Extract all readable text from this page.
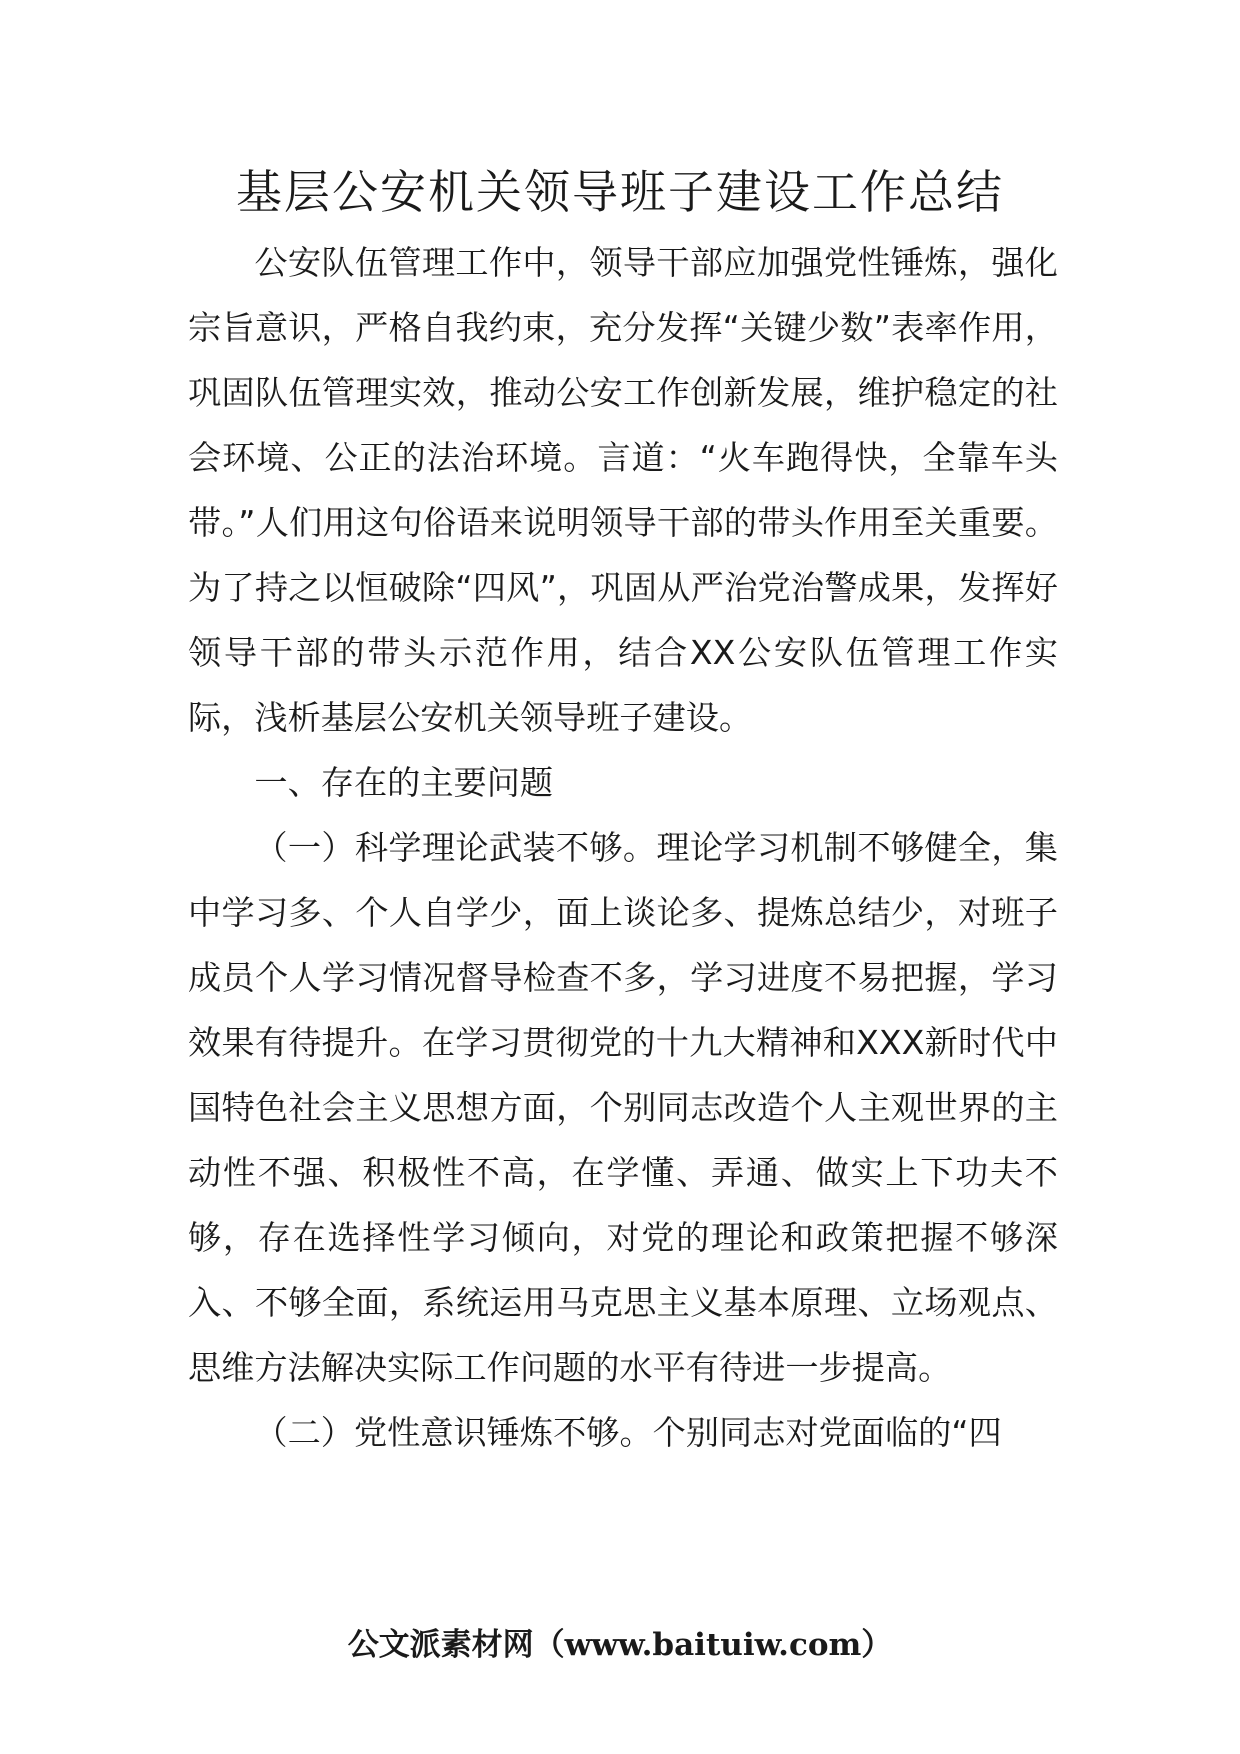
基层公安机关领导班子建设工作总结

公安队伍管理工作中，领导干部应加强党性锤炼，强化宗旨意识，严格自我约束，充分发挥“关键少数”表率作用，巩固队伍管理实效，推动公安工作创新发展，维护稳定的社会环境、公正的法治环境。言道：“火车跑得快，全靠车头带。”人们用这句俗语来说明领导干部的带头作用至关重要。为了持之以恒破除“四风”，巩固从严治党治警成果，发挥好领导干部的带头示范作用，结合XX公安队伍管理工作实际，浅析基层公安机关领导班子建设。

一、存在的主要问题

（一）科学理论武装不够。理论学习机制不够健全，集中学习多、个人自学少，面上谈论多、提炼总结少，对班子成员个人学习情况督导检查不多，学习进度不易把握，学习效果有待提升。在学习贯彻党的十九大精神和XXX新时代中国特色社会主义思想方面，个别同志改造个人主观世界的主动性不强、积极性不高，在学懂、弄通、做实上下功夫不够，存在选择性学习倾向，对党的理论和政策把握不够深入、不够全面，系统运用马克思主义基本原理、立场观点、思维方法解决实际工作问题的水平有待进一步提高。

（二）党性意识锤炼不够。个别同志对党面临的“四

公文派素材网（www.baituiw.com）
